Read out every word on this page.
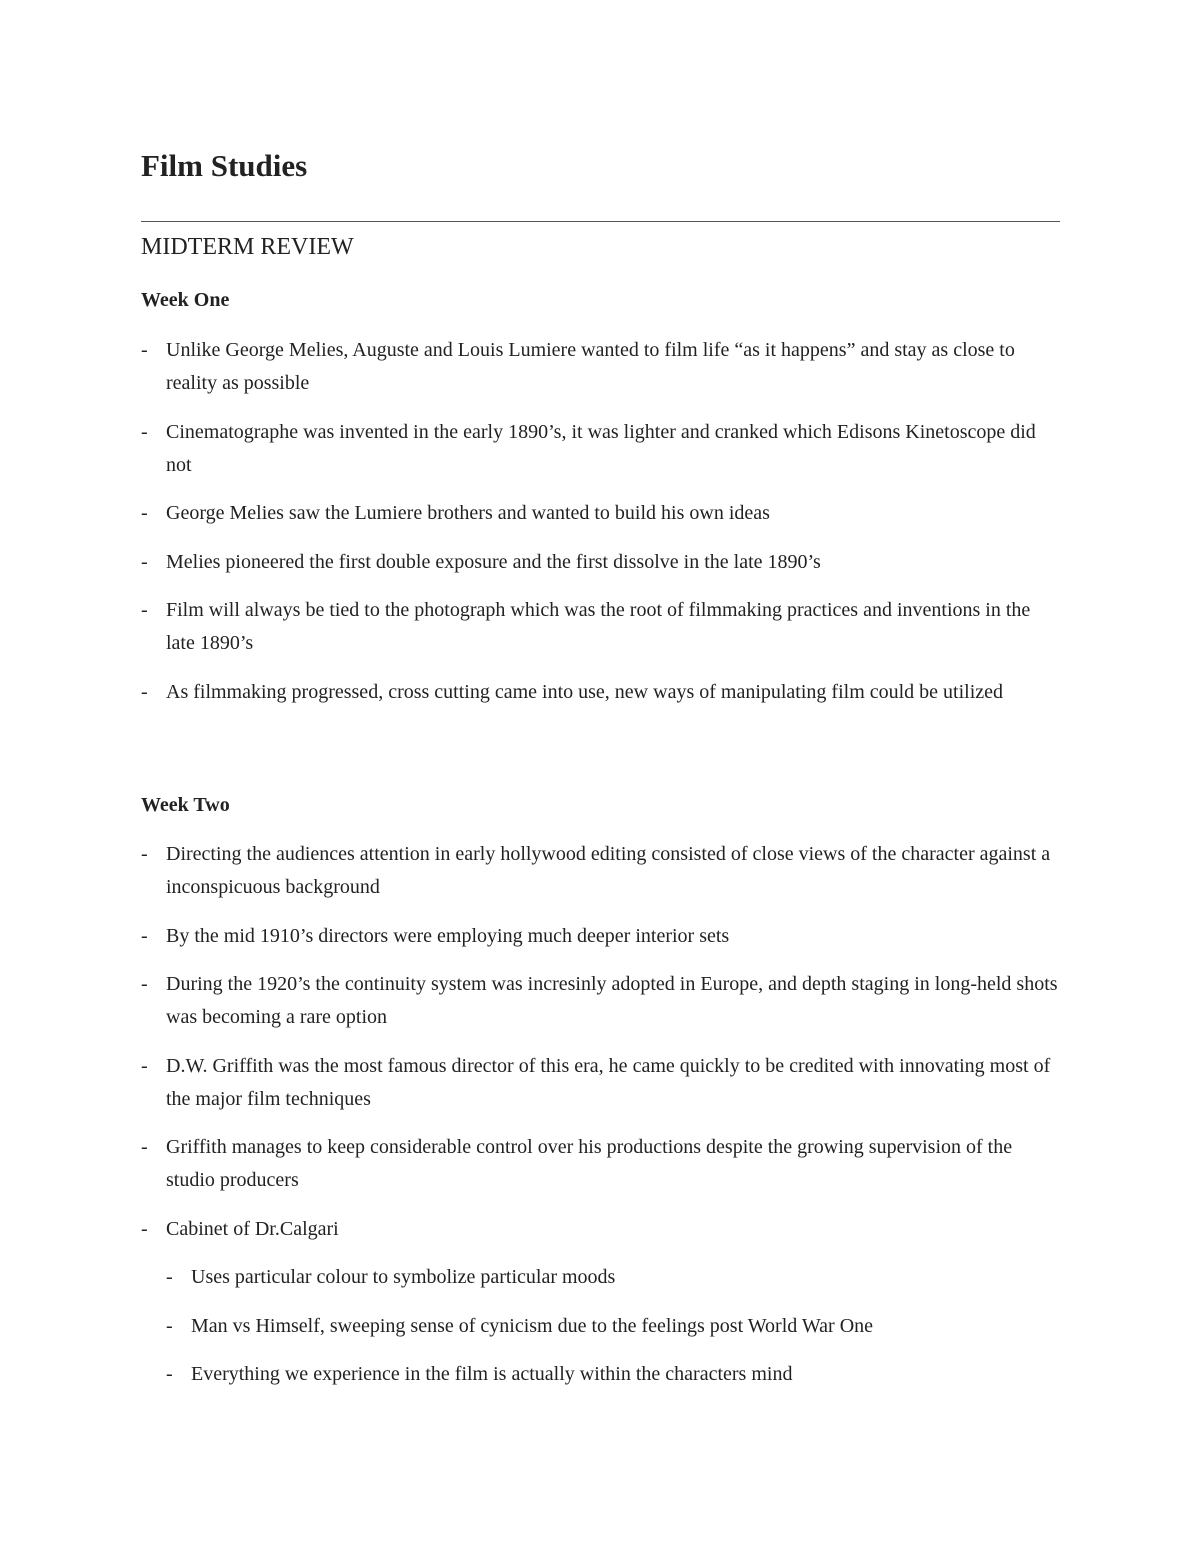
Film Studies
MIDTERM REVIEW
Week One
- Unlike George Melies, Auguste and Louis Lumiere wanted to film life “as it happens” and stay as close to reality as possible
- Cinematographe was invented in the early 1890’s, it was lighter and cranked which Edisons Kinetoscope did not
- George Melies saw the Lumiere brothers and wanted to build his own ideas
- Melies pioneered the first double exposure and the first dissolve in the late 1890’s
- Film will always be tied to the photograph which was the root of filmmaking practices and inventions in the late 1890’s
- As filmmaking progressed, cross cutting came into use, new ways of manipulating film could be utilized
Week Two
- Directing the audiences attention in early hollywood editing consisted of close views of the character against a inconspicuous background
- By the mid 1910’s directors were employing much deeper interior sets
- During the 1920’s the continuity system was incresinly adopted in Europe, and depth staging in long-held shots was becoming a rare option
- D.W. Griffith was the most famous director of this era, he came quickly to be credited with innovating most of the major film techniques
- Griffith manages to keep considerable control over his productions despite the growing supervision of the studio producers
- Cabinet of Dr.Calgari
- Uses particular colour to symbolize particular moods
- Man vs Himself, sweeping sense of cynicism due to the feelings post World War One
- Everything we experience in the film is actually within the characters mind
